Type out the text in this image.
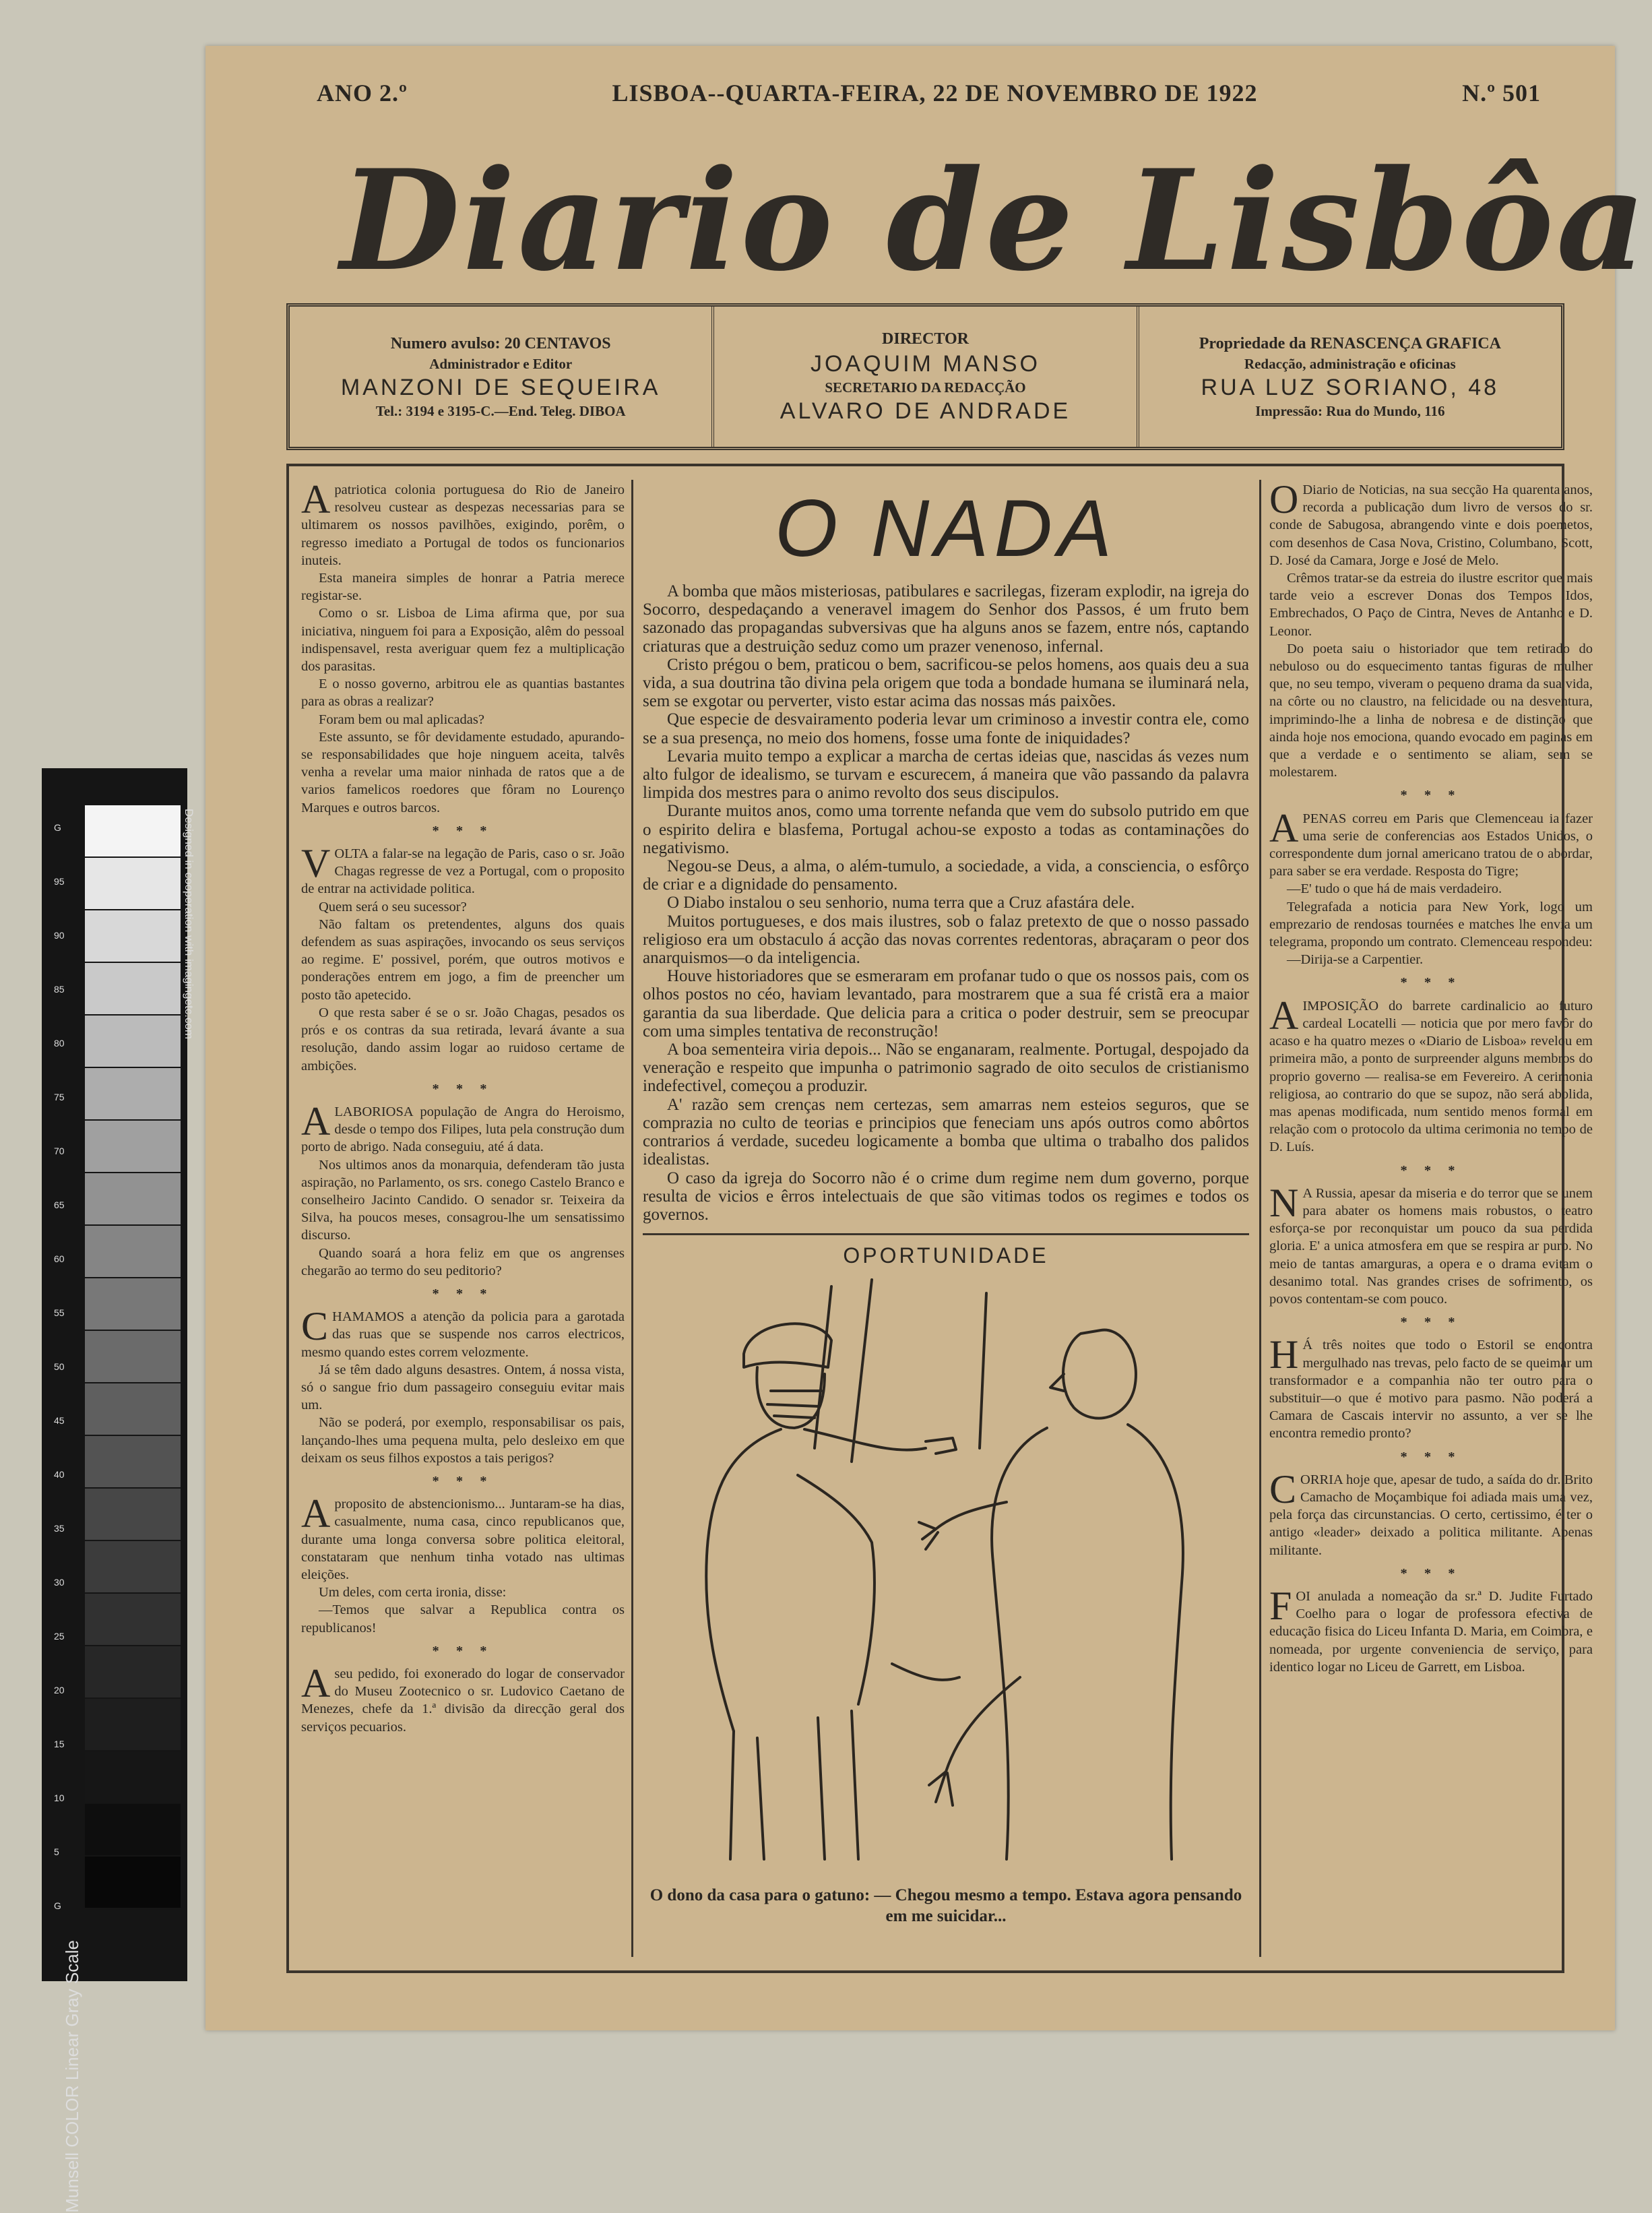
G
95
90
85
80
75
70
65
60
55
50
45
40
35
30
25
20
15
10
5
G
Designed in cooperation with imagingetc.com
Munsell COLOR Linear Gray Scale
ANO 2.º	LISBOA--QUARTA-FEIRA, 22 DE NOVEMBRO DE 1922	N.º 501
Diario de Lisbôa
Numero avulso: 20 CENTAVOS
Administrador e Editor
MANZONI DE SEQUEIRA
Tel.: 3194 e 3195-C.—End. Teleg. DIBOA
DIRECTOR
JOAQUIM MANSO
SECRETARIO DA REDACÇÃO
ALVARO DE ANDRADE
Propriedade da RENASCENÇA GRAFICA
Redacção, administração e oficinas
RUA LUZ SORIANO, 48
Impressão: Rua do Mundo, 116

Apatriotica colonia portuguesa do Rio de Janeiro resolveu custear as despezas necessarias para se ultimarem os nossos pavilhões, exigindo, porêm, o regresso imediato a Portugal de todos os funcionarios inuteis.

Esta maneira simples de honrar a Patria merece registar-se.

Como o sr. Lisboa de Lima afirma que, por sua iniciativa, ninguem foi para a Exposição, alêm do pessoal indispensavel, resta averiguar quem fez a multiplicação dos parasitas.

E o nosso governo, arbitrou ele as quantias bastantes para as obras a realizar?

Foram bem ou mal aplicadas?

Este assunto, se fôr devidamente estudado, apurando-se responsabilidades que hoje ninguem aceita, talvês venha a revelar uma maior ninhada de ratos que a de varios famelicos roedores que fôram no Lourenço Marques e outros barcos.

* * *

VOLTA a falar-se na legação de Paris, caso o sr. João Chagas regresse de vez a Portugal, com o proposito de entrar na actividade politica.

Quem será o seu sucessor?

Não faltam os pretendentes, alguns dos quais defendem as suas aspirações, invocando os seus serviços ao regime. E' possivel, porém, que outros motivos e ponderações entrem em jogo, a fim de preencher um posto tão apetecido.

O que resta saber é se o sr. João Chagas, pesados os prós e os contras da sua retirada, levará ávante a sua resolução, dando assim logar ao ruidoso certame de ambições.

* * *

ALABORIOSA população de Angra do Heroismo, desde o tempo dos Filipes, luta pela construção dum porto de abrigo. Nada conseguiu, até á data.

Nos ultimos anos da monarquia, defenderam tão justa aspiração, no Parlamento, os srs. conego Castelo Branco e conselheiro Jacinto Candido. O senador sr. Teixeira da Silva, ha poucos meses, consagrou-lhe um sensatissimo discurso.

Quando soará a hora feliz em que os angrenses chegarão ao termo do seu peditorio?

* * *

CHAMAMOS a atenção da policia para a garotada das ruas que se suspende nos carros electricos, mesmo quando estes correm velozmente.

Já se têm dado alguns desastres. Ontem, á nossa vista, só o sangue frio dum passageiro conseguiu evitar mais um.

Não se poderá, por exemplo, responsabilisar os pais, lançando-lhes uma pequena multa, pelo desleixo em que deixam os seus filhos expostos a tais perigos?

* * *

Aproposito de abstencionismo... Juntaram-se ha dias, casualmente, numa casa, cinco republicanos que, durante uma longa conversa sobre politica eleitoral, constataram que nenhum tinha votado nas ultimas eleições.

Um deles, com certa ironia, disse:

—Temos que salvar a Republica contra os republicanos!

* * *

Aseu pedido, foi exonerado do logar de conservador do Museu Zootecnico o sr. Ludovico Caetano de Menezes, chefe da 1.ª divisão da direcção geral dos serviços pecuarios.

O NADA

A bomba que mãos misteriosas, patibulares e sacrilegas, fizeram explodir, na igreja do Socorro, despedaçando a veneravel imagem do Senhor dos Passos, é um fruto bem sazonado das propagandas subversivas que ha alguns anos se fazem, entre nós, captando criaturas que a destruição seduz como um prazer venenoso, infernal.

Cristo prégou o bem, praticou o bem, sacrificou-se pelos homens, aos quais deu a sua vida, a sua doutrina tão divina pela origem que toda a bondade humana se iluminará nela, sem se exgotar ou perverter, visto estar acima das nossas más paixões.

Que especie de desvairamento poderia levar um criminoso a investir contra ele, como se a sua presença, no meio dos homens, fosse uma fonte de iniquidades?

Levaria muito tempo a explicar a marcha de certas ideias que, nascidas ás vezes num alto fulgor de idealismo, se turvam e escurecem, á maneira que vão passando da palavra limpida dos mestres para o animo revolto dos seus discipulos.

Durante muitos anos, como uma torrente nefanda que vem do subsolo putrido em que o espirito delira e blasfema, Portugal achou-se exposto a todas as contaminações do negativismo.

Negou-se Deus, a alma, o além-tumulo, a sociedade, a vida, a consciencia, o esfôrço de criar e a dignidade do pensamento.

O Diabo instalou o seu senhorio, numa terra que a Cruz afastára dele.

Muitos portugueses, e dos mais ilustres, sob o falaz pretexto de que o nosso passado religioso era um obstaculo á acção das novas correntes redentoras, abraçaram o peor dos anarquismos—o da inteligencia.

Houve historiadores que se esmeraram em profanar tudo o que os nossos pais, com os olhos postos no céo, haviam levantado, para mostrarem que a sua fé cristã era a maior garantia da sua liberdade. Que delicia para a critica o poder destruir, sem se preocupar com uma simples tentativa de reconstrução!

A boa sementeira viria depois... Não se enganaram, realmente. Portugal, despojado da veneração e respeito que impunha o patrimonio sagrado de oito seculos de cristianismo indefectivel, começou a produzir.

A' razão sem crenças nem certezas, sem amarras nem esteios seguros, que se comprazia no culto de teorias e principios que feneciam uns após outros como abôrtos contrarios á verdade, sucedeu logicamente a bomba que ultima o trabalho dos palidos idealistas.

O caso da igreja do Socorro não é o crime dum regime nem dum governo, porque resulta de vicios e êrros intelectuais de que são vitimas todos os regimes e todos os governos.

OPORTUNIDADE
O dono da casa para o gatuno: — Chegou mesmo a tempo. Estava agora pensando em me suicidar...

O Diario de Noticias, na sua secção Ha quarenta anos, recorda a publicação dum livro de versos do sr. conde de Sabugosa, abrangendo vinte e dois poemetos, com desenhos de Casa Nova, Cristino, Columbano, Scott, D. José da Camara, Jorge e José de Melo.

Crêmos tratar-se da estreia do ilustre escritor que mais tarde veio a escrever Donas dos Tempos Idos, Embrechados, O Paço de Cintra, Neves de Antanho e D. Leonor.

Do poeta saiu o historiador que tem retirado do nebuloso ou do esquecimento tantas figuras de mulher que, no seu tempo, viveram o pequeno drama da sua vida, na côrte ou no claustro, na felicidade ou na desventura, imprimindo-lhe a linha de nobresa e de distinção que ainda hoje nos emociona, quando evocado em paginas em que a verdade e o sentimento se aliam, sem se molestarem.

* * *

APENAS correu em Paris que Clemenceau ia fazer uma serie de conferencias aos Estados Unidos, o correspondente dum jornal americano tratou de o abordar, para saber se era verdade. Resposta do Tigre;

—E' tudo o que há de mais verdadeiro.

Telegrafada a noticia para New York, logo um emprezario de rendosas tournées e matches lhe envia um telegrama, propondo um contrato. Clemenceau respondeu:

—Dirija-se a Carpentier.

* * *

AIMPOSIÇÃO do barrete cardinalicio ao futuro cardeal Locatelli — noticia que por mero favôr do acaso e ha quatro mezes o «Diario de Lisboa» revelou em primeira mão, a ponto de surpreender alguns membros do proprio governo — realisa-se em Fevereiro. A cerimonia religiosa, ao contrario do que se supoz, não será abolida, mas apenas modificada, num sentido menos formal em relação com o protocolo da ultima cerimonia no tempo de D. Luís.

* * *

N A Russia, apesar da miseria e do terror que se unem para abater os homens mais robustos, o teatro esforça-se por reconquistar um pouco da sua perdida gloria. E' a unica atmosfera em que se respira ar puro. No meio de tantas amarguras, a opera e o drama evitam o desanimo total. Nas grandes crises de sofrimento, os povos contentam-se com pouco.

* * *

H Á três noites que todo o Estoril se encontra mergulhado nas trevas, pelo facto de se queimar um transformador e a companhia não ter outro para o substituir—o que é motivo para pasmo. Não poderá a Camara de Cascais intervir no assunto, a ver se lhe encontra remedio pronto?

* * *

CORRIA hoje que, apesar de tudo, a saída do dr. Brito Camacho de Moçambique foi adiada mais uma vez, pela força das circunstancias. O certo, certissimo, é ter o antigo «leader» deixado a politica militante. Apenas militante.

* * *

FOI anulada a nomeação da sr.ª D. Judite Furtado Coelho para o logar de professora efectiva de educação fisica do Liceu Infanta D. Maria, em Coimbra, e nomeada, por urgente conveniencia de serviço, para identico logar no Liceu de Garrett, em Lisboa.
